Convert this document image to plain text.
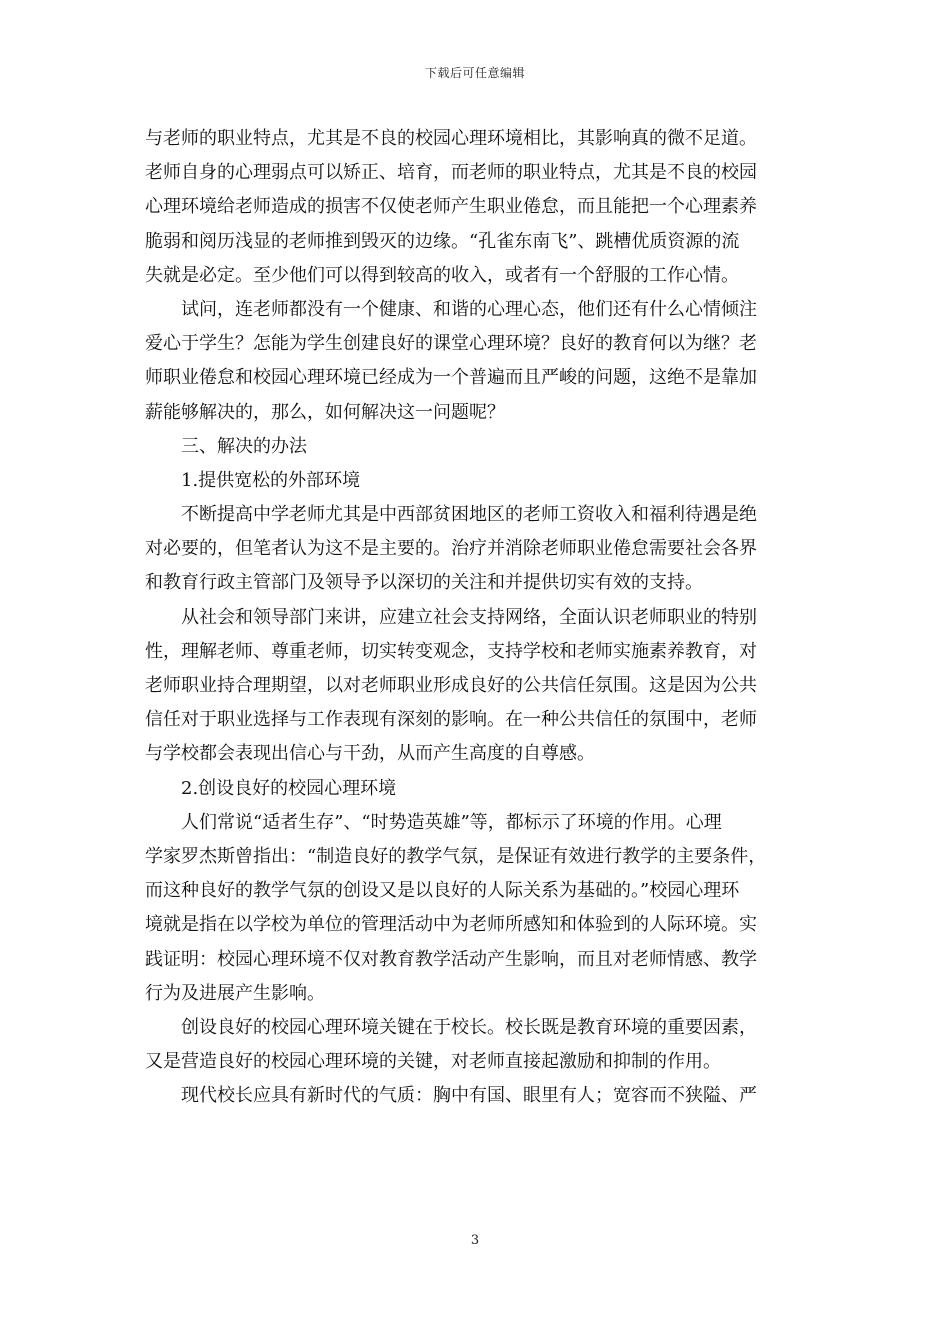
下载后可任意编辑
与老师的职业特点，尤其是不良的校园心理环境相比，其影响真的微不足道。
老师自身的心理弱点可以矫正、培育，而老师的职业特点，尤其是不良的校园
心理环境给老师造成的损害不仅使老师产生职业倦怠，而且能把一个心理素养
脆弱和阅历浅显的老师推到毁灭的边缘。“孔雀东南飞”、跳槽优质资源的流
失就是必定。至少他们可以得到较高的收入，或者有一个舒服的工作心情。
试问，连老师都没有一个健康、和谐的心理心态，他们还有什么心情倾注
爱心于学生？怎能为学生创建良好的课堂心理环境？良好的教育何以为继？老
师职业倦怠和校园心理环境已经成为一个普遍而且严峻的问题，这绝不是靠加
薪能够解决的，那么，如何解决这一问题呢？
三、解决的办法
1.提供宽松的外部环境
不断提高中学老师尤其是中西部贫困地区的老师工资收入和福利待遇是绝
对必要的，但笔者认为这不是主要的。治疗并消除老师职业倦怠需要社会各界
和教育行政主管部门及领导予以深切的关注和并提供切实有效的支持。
从社会和领导部门来讲，应建立社会支持网络，全面认识老师职业的特别
性，理解老师、尊重老师，切实转变观念，支持学校和老师实施素养教育，对
老师职业持合理期望，以对老师职业形成良好的公共信任氛围。这是因为公共
信任对于职业选择与工作表现有深刻的影响。在一种公共信任的氛围中，老师
与学校都会表现出信心与干劲，从而产生高度的自尊感。
2.创设良好的校园心理环境
人们常说“适者生存”、“时势造英雄”等，都标示了环境的作用。心理
学家罗杰斯曾指出：“制造良好的教学气氛，是保证有效进行教学的主要条件，
而这种良好的教学气氛的创设又是以良好的人际关系为基础的。”校园心理环
境就是指在以学校为单位的管理活动中为老师所感知和体验到的人际环境。实
践证明：校园心理环境不仅对教育教学活动产生影响，而且对老师情感、教学
行为及进展产生影响。
创设良好的校园心理环境关键在于校长。校长既是教育环境的重要因素，
又是营造良好的校园心理环境的关键，对老师直接起激励和抑制的作用。
现代校长应具有新时代的气质：胸中有国、眼里有人；宽容而不狭隘、严
3
